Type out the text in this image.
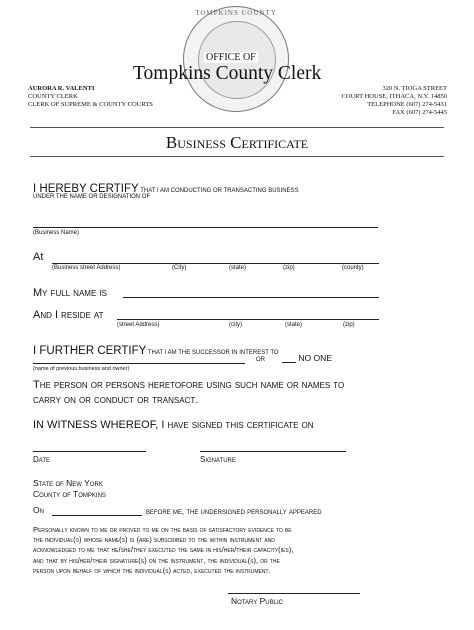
TOMPKINS COUNTY
OFFICE OF
Tompkins County Clerk
AURORA R. VALENTI
COUNTY CLERK
CLERK OF SUPREME & COUNTY COURTS
320 N. TIOGA STREET
COURT HOUSE, ITHACA, N.Y. 14850
TELEPHONE (607) 274-5431
FAX (607) 274-5445
Business Certificate
I HEREBY CERTIFY THAT I AM CONDUCTING OR TRANSACTING BUSINESS
UNDER THE NAME OR DESIGNATION OF
(Business Name)
At
(Business street Address)	(City)	(state)	(zip)	(county)
My full name is
And I reside at
(street Address)	(city)	(state)	(zip)
I FURTHER CERTIFY THAT I AM THE SUCCESSOR IN INTEREST TO
OR	NO ONE
(name of previous business and owner)
The person or persons heretofore using such name or names to
carry on or conduct or transact.
IN WITNESS WHEREOF, I have signed this certificate on
Date	Signature
State of New York
County of Tompkins
On	before me, the undersigned personally appeared
Personally known to me or proved to me on the basis of satisfactory evidence to be
the individual(s) whose name(s) is (are) subscribed to the within instrument and
acknowledged to me that he/she/they executed the same in his/her/their capacity(ies),
and that by his/her/their signature(s) on the instrument, the individual(s), or the
person upon behalf of which the individual(s) acted, executed the instrument.
Notary Public
